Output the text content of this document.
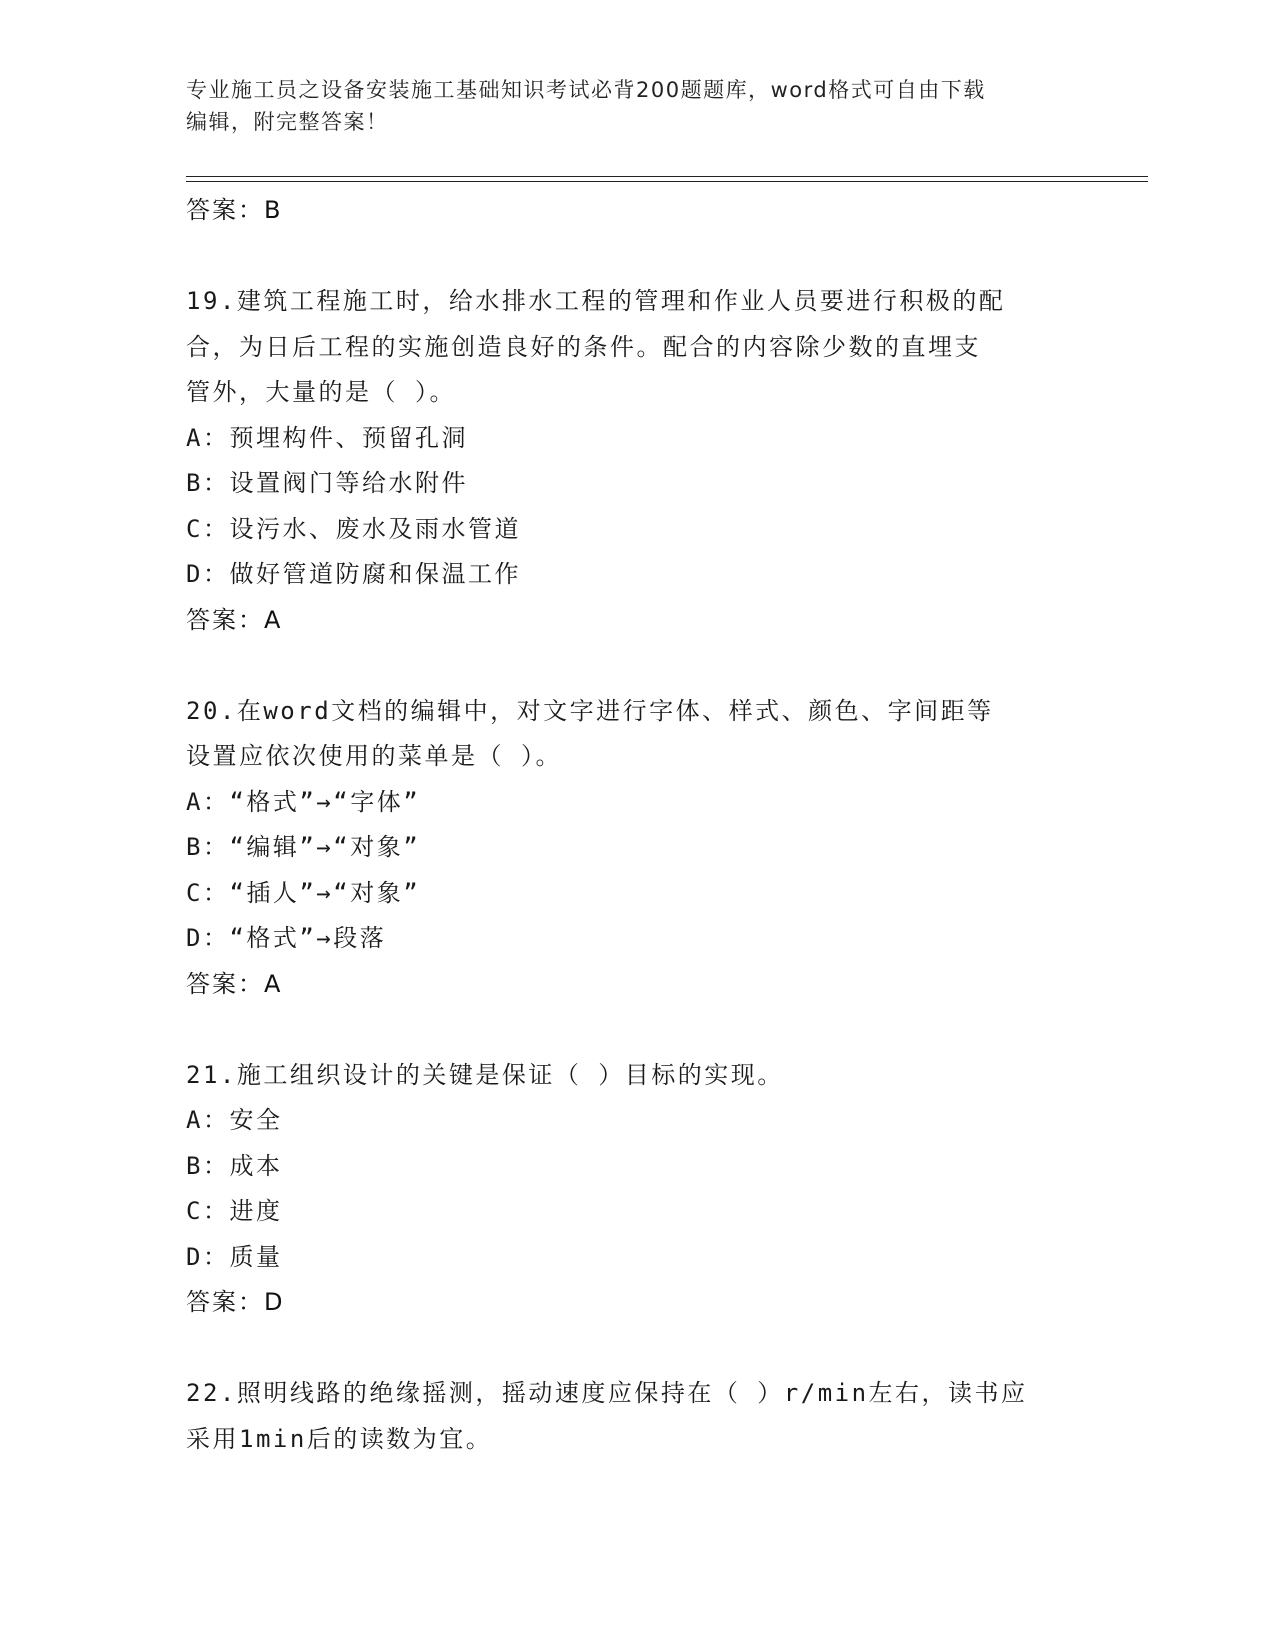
专业施工员之设备安装施工基础知识考试必背200题题库，word格式可自由下载
编辑，附完整答案！
答案：B
19.建筑工程施工时，给水排水工程的管理和作业人员要进行积极的配
合，为日后工程的实施创造良好的条件。配合的内容除少数的直埋支
管外，大量的是（ ）。
A：预埋构件、预留孔洞
B：设置阀门等给水附件
C：设污水、废水及雨水管道
D：做好管道防腐和保温工作
答案：A
20.在word文档的编辑中，对文字进行字体、样式、颜色、字间距等
设置应依次使用的菜单是（ ）。
A：“格式”→“字体”
B：“编辑”→“对象”
C：“插人”→“对象”
D：“格式”→段落
答案：A
21.施工组织设计的关键是保证（ ）目标的实现。
A：安全
B：成本
C：进度
D：质量
答案：D
22.照明线路的绝缘摇测，摇动速度应保持在（ ）r/min左右，读书应
采用1min后的读数为宜。
